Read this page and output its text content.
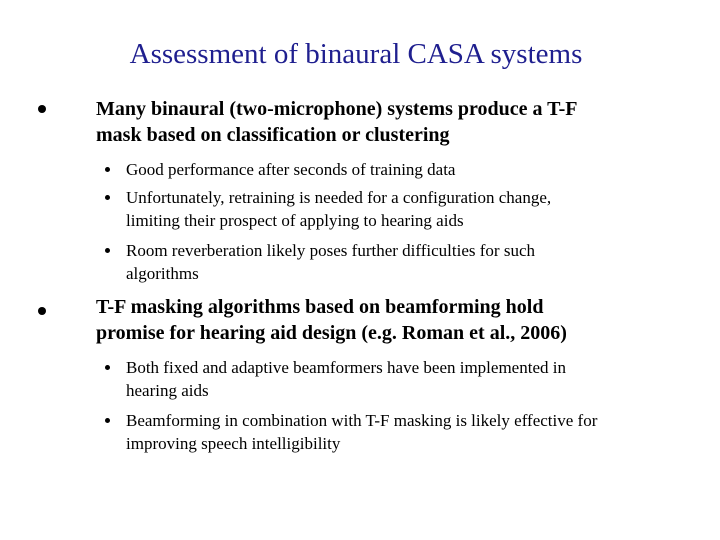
Assessment of binaural CASA systems
Many binaural (two-microphone) systems produce a T-F
mask based on classification or clustering
Good performance after seconds of training data
Unfortunately, retraining is needed for a configuration change,
limiting their prospect of applying to hearing aids
Room reverberation likely poses further difficulties for such
algorithms
T-F masking algorithms based on beamforming hold
promise for hearing aid design (e.g. Roman et al., 2006)
Both fixed and adaptive beamformers have been implemented in
hearing aids
Beamforming in combination with T-F masking is likely effective for
improving speech intelligibility
